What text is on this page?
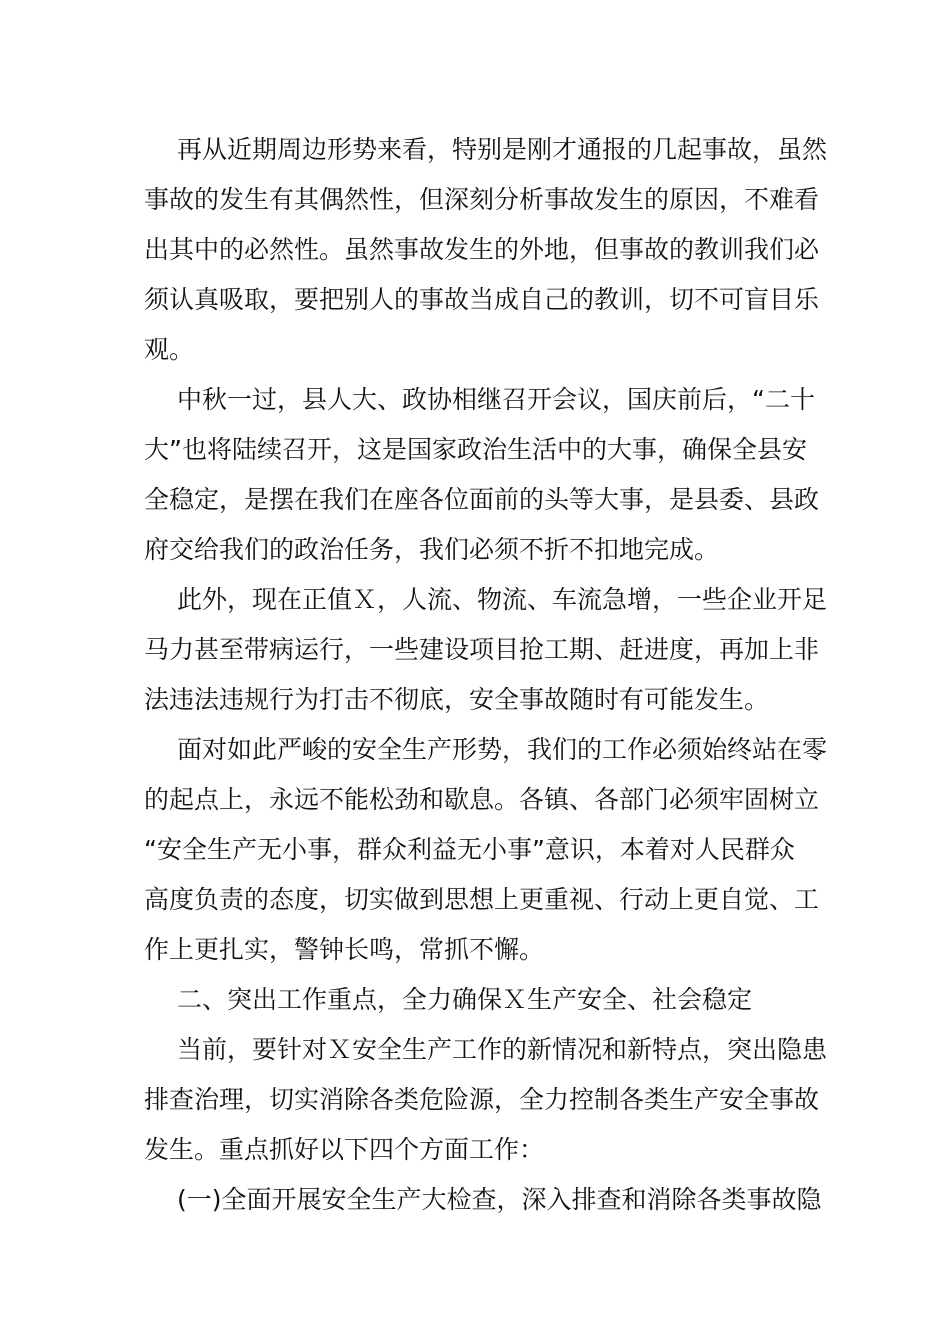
再从近期周边形势来看，特别是刚才通报的几起事故，虽然
事故的发生有其偶然性，但深刻分析事故发生的原因，不难看
出其中的必然性。虽然事故发生的外地，但事故的教训我们必
须认真吸取，要把别人的事故当成自己的教训，切不可盲目乐
观。
中秋一过，县人大、政协相继召开会议，国庆前后，“二十
大”也将陆续召开，这是国家政治生活中的大事，确保全县安
全稳定，是摆在我们在座各位面前的头等大事，是县委、县政
府交给我们的政治任务，我们必须不折不扣地完成。
此外，现在正值Ｘ，人流、物流、车流急增，一些企业开足
马力甚至带病运行，一些建设项目抢工期、赶进度，再加上非
法违法违规行为打击不彻底，安全事故随时有可能发生。
面对如此严峻的安全生产形势，我们的工作必须始终站在零
的起点上，永远不能松劲和歇息。各镇、各部门必须牢固树立
“安全生产无小事，群众利益无小事”意识，本着对人民群众
高度负责的态度，切实做到思想上更重视、行动上更自觉、工
作上更扎实，警钟长鸣，常抓不懈。
二、突出工作重点，全力确保Ｘ生产安全、社会稳定
当前，要针对Ｘ安全生产工作的新情况和新特点，突出隐患
排查治理，切实消除各类危险源，全力控制各类生产安全事故
发生。重点抓好以下四个方面工作：
(一)全面开展安全生产大检查，深入排查和消除各类事故隐
